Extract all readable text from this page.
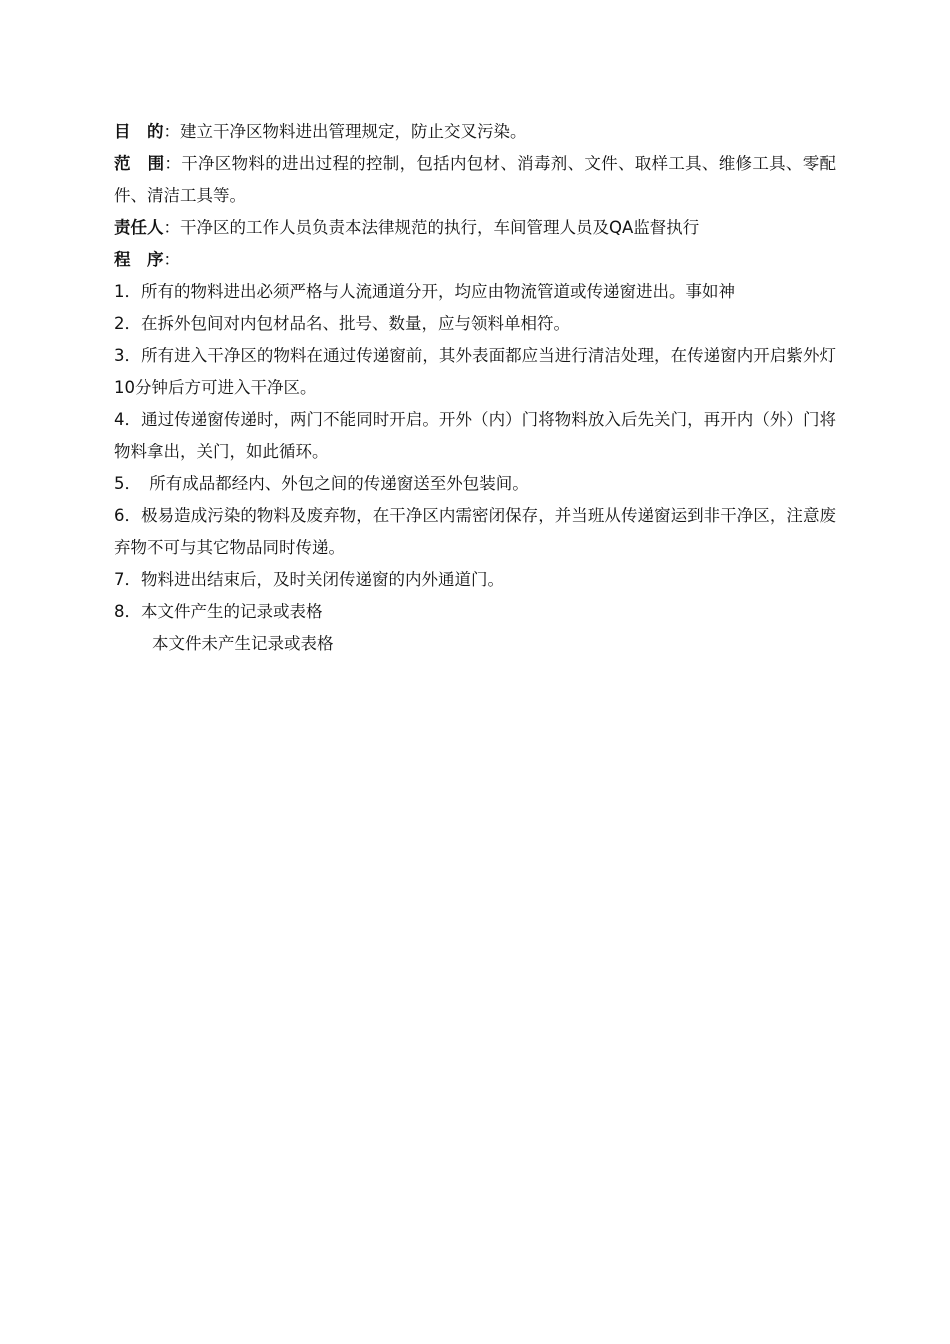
目　的：建立干净区物料进出管理规定，防止交叉污染。
范　围：干净区物料的进出过程的控制，包括内包材、消毒剂、文件、取样工具、维修工具、零配件、清洁工具等。
责任人：干净区的工作人员负责本法律规范的执行，车间管理人员及QA监督执行
程　序：
1．所有的物料进出必须严格与人流通道分开，均应由物流管道或传递窗进出。事如神
2．在拆外包间对内包材品名、批号、数量，应与领料单相符。
3．所有进入干净区的物料在通过传递窗前，其外表面都应当进行清洁处理，在传递窗内开启紫外灯10分钟后方可进入干净区。
4．通过传递窗传递时，两门不能同时开启。开外（内）门将物料放入后先关门，再开内（外）门将物料拿出，关门，如此循环。
5．　所有成品都经内、外包之间的传递窗送至外包装间。
6．极易造成污染的物料及废弃物，在干净区内需密闭保存，并当班从传递窗运到非干净区，注意废弃物不可与其它物品同时传递。
7．物料进出结束后，及时关闭传递窗的内外通道门。
8．本文件产生的记录或表格
本文件未产生记录或表格
